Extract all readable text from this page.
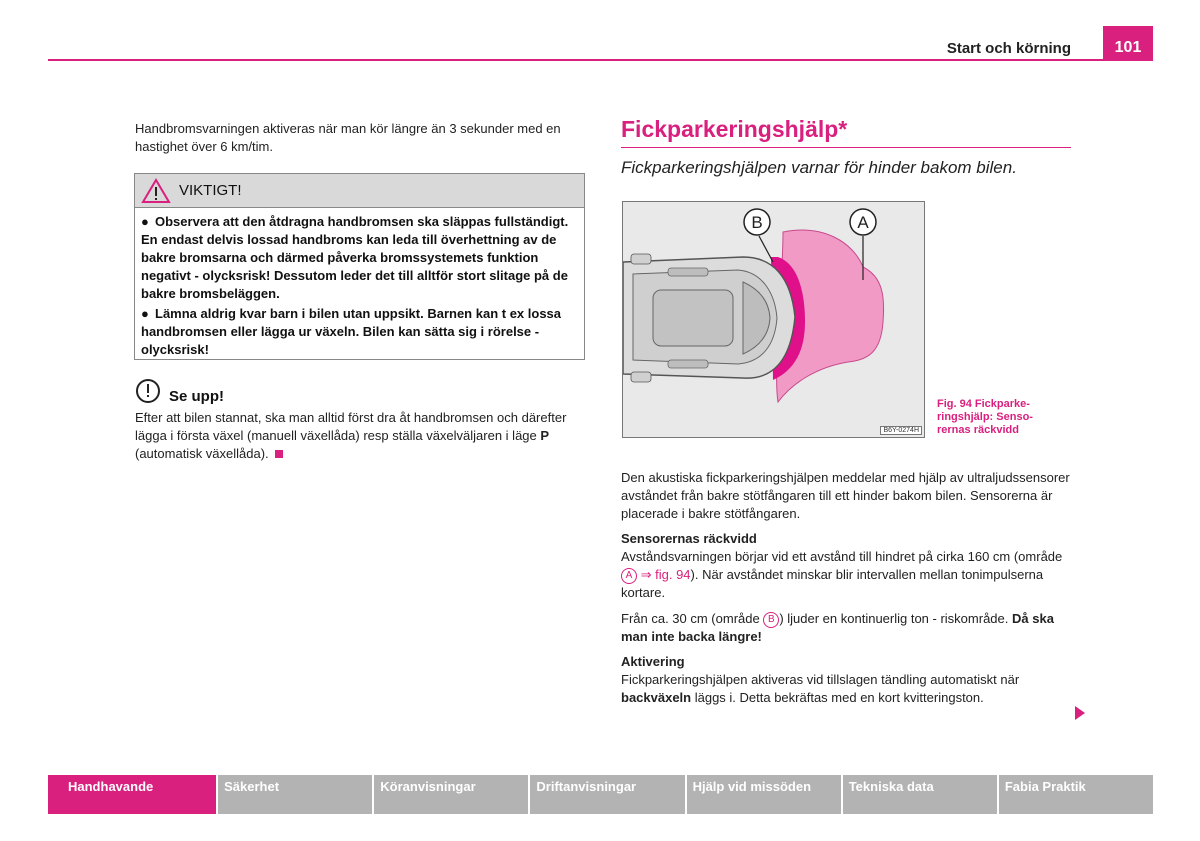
Start och körning	101
Handbromsvarningen aktiveras när man kör längre än 3 sekunder med en hastighet över 6 km/tim.
VIKTIGT!

● Observera att den åtdragna handbromsen ska släppas fullständigt. En endast delvis lossad handbroms kan leda till överhettning av de bakre bromsarna och därmed påverka bromssystemets funktion negativt - olycksrisk! Dessutom leder det till alltför stort slitage på de bakre bromsbeläggen.

● Lämna aldrig kvar barn i bilen utan uppsikt. Barnen kan t ex lossa handbromsen eller lägga ur växeln. Bilen kan sätta sig i rörelse - olycksrisk!

Se upp!
Efter att bilen stannat, ska man alltid först dra åt handbromsen och därefter lägga i första växel (manuell växellåda) resp ställa växelväljaren i läge P (automatisk växellåda).
Fickparkeringshjälp*
Fickparkeringshjälpen varnar för hinder bakom bilen.
A
B
B6Y-0274H
Fig. 94 Fickparkeringshjälp: Sensorernas räckvidd
Den akustiska fickparkeringshjälpen meddelar med hjälp av ultraljudssensorer avståndet från bakre stötfångaren till ett hinder bakom bilen. Sensorerna är placerade i bakre stötfångaren.
Sensorernas räckvidd
Avståndsvarningen börjar vid ett avstånd till hindret på cirka 160 cm (område A ⇒ fig. 94). När avståndet minskar blir intervallen mellan tonimpulserna kortare.
Från ca. 30 cm (område B ) ljuder en kontinuerlig ton - riskområde. Då ska man inte backa längre!
Aktivering
Fickparkeringshjälpen aktiveras vid tillslagen tändling automatiskt när backväxeln läggs i. Detta bekräftas med en kort kvitteringston.
Handhavande	Säkerhet	Köranvisningar	Driftanvisningar	Hjälp vid missöden	Tekniska data	Fabia Praktik
